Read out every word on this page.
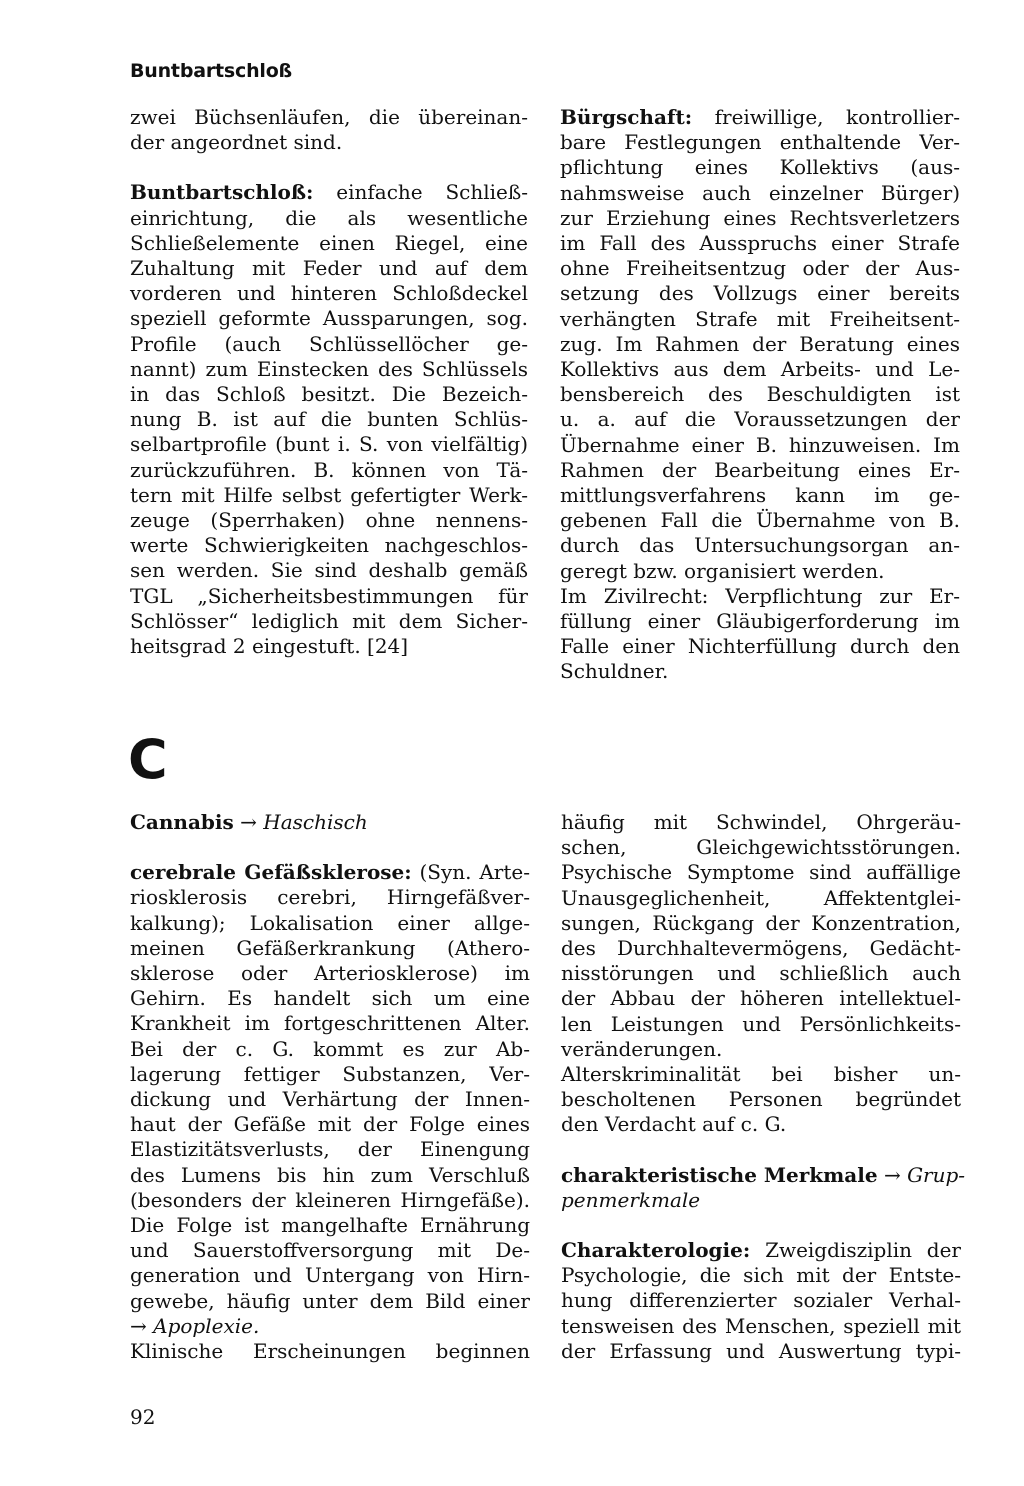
Buntbartschloß

zwei Büchsenläufen, die übereinan-
der angeordnet sind.

Buntbartschloß: einfache Schließ-
einrichtung, die als wesentliche
Schließelemente einen Riegel, eine
Zuhaltung mit Feder und auf dem
vorderen und hinteren Schloßdeckel
speziell geformte Aussparungen, sog.
Profile (auch Schlüssellöcher ge-
nannt) zum Einstecken des Schlüssels
in das Schloß besitzt. Die Bezeich-
nung B. ist auf die bunten Schlüs-
selbartprofile (bunt i. S. von vielfältig)
zurückzuführen. B. können von Tä-
tern mit Hilfe selbst gefertigter Werk-
zeuge (Sperrhaken) ohne nennens-
werte Schwierigkeiten nachgeschlos-
sen werden. Sie sind deshalb gemäß
TGL „Sicherheitsbestimmungen für
Schlösser“ lediglich mit dem Sicher-
heitsgrad 2 eingestuft. [24]

Bürgschaft: freiwillige, kontrollier-
bare Festlegungen enthaltende Ver-
pflichtung eines Kollektivs (aus-
nahmsweise auch einzelner Bürger)
zur Erziehung eines Rechtsverletzers
im Fall des Ausspruchs einer Strafe
ohne Freiheitsentzug oder der Aus-
setzung des Vollzugs einer bereits
verhängten Strafe mit Freiheitsent-
zug. Im Rahmen der Beratung eines
Kollektivs aus dem Arbeits- und Le-
bensbereich des Beschuldigten ist
u. a. auf die Voraussetzungen der
Übernahme einer B. hinzuweisen. Im
Rahmen der Bearbeitung eines Er-
mittlungsverfahrens kann im ge-
gebenen Fall die Übernahme von B.
durch das Untersuchungsorgan an-
geregt bzw. organisiert werden.
Im Zivilrecht: Verpflichtung zur Er-
füllung einer Gläubigerforderung im
Falle einer Nichterfüllung durch den
Schuldner.

C

Cannabis → Haschisch

cerebrale Gefäßsklerose: (Syn. Arte-
riosklerosis cerebri, Hirngefäßver-
kalkung); Lokalisation einer allge-
meinen Gefäßerkrankung (Athero-
sklerose oder Arteriosklerose) im
Gehirn. Es handelt sich um eine
Krankheit im fortgeschrittenen Alter.
Bei der c. G. kommt es zur Ab-
lagerung fettiger Substanzen, Ver-
dickung und Verhärtung der Innen-
haut der Gefäße mit der Folge eines
Elastizitätsverlusts, der Einengung
des Lumens bis hin zum Verschluß
(besonders der kleineren Hirngefäße).
Die Folge ist mangelhafte Ernährung
und Sauerstoffversorgung mit De-
generation und Untergang von Hirn-
gewebe, häufig unter dem Bild einer
→ Apoplexie.
Klinische Erscheinungen beginnen

häufig mit Schwindel, Ohrgeräu-
schen, Gleichgewichtsstörungen.
Psychische Symptome sind auffällige
Unausgeglichenheit, Affektentglei-
sungen, Rückgang der Konzentration,
des Durchhaltevermögens, Gedächt-
nisstörungen und schließlich auch
der Abbau der höheren intellektuel-
len Leistungen und Persönlichkeits-
veränderungen.
Alterskriminalität bei bisher un-
bescholtenen Personen begründet
den Verdacht auf c. G.

charakteristische Merkmale → Grup-
penmerkmale

Charakterologie: Zweigdisziplin der
Psychologie, die sich mit der Entste-
hung differenzierter sozialer Verhal-
tensweisen des Menschen, speziell mit
der Erfassung und Auswertung typi-

92
